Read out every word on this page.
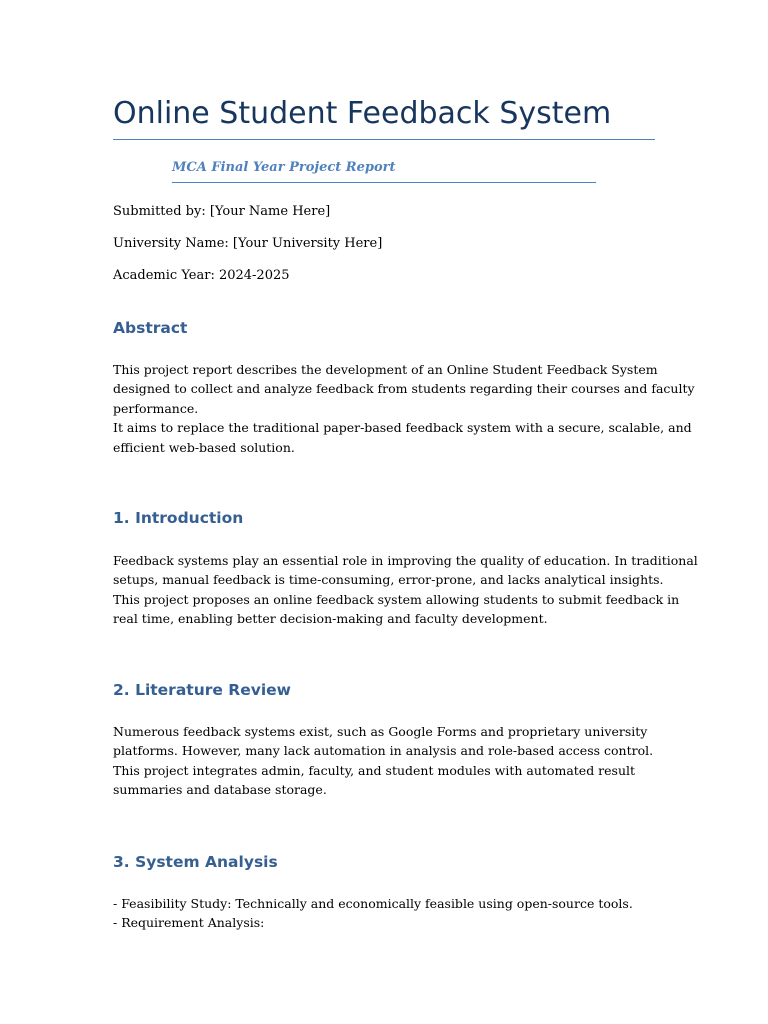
Online Student Feedback System
MCA Final Year Project Report

Submitted by: [Your Name Here]

University Name: [Your University Here]

Academic Year: 2024-2025

Abstract
This project report describes the development of an Online Student Feedback System
designed to collect and analyze feedback from students regarding their courses and faculty
performance.
It aims to replace the traditional paper-based feedback system with a secure, scalable, and
efficient web-based solution.
1. Introduction
Feedback systems play an essential role in improving the quality of education. In traditional
setups, manual feedback is time-consuming, error-prone, and lacks analytical insights.
This project proposes an online feedback system allowing students to submit feedback in
real time, enabling better decision-making and faculty development.
2. Literature Review
Numerous feedback systems exist, such as Google Forms and proprietary university
platforms. However, many lack automation in analysis and role-based access control.
This project integrates admin, faculty, and student modules with automated result
summaries and database storage.
3. System Analysis
- Feasibility Study: Technically and economically feasible using open-source tools.
- Requirement Analysis:
